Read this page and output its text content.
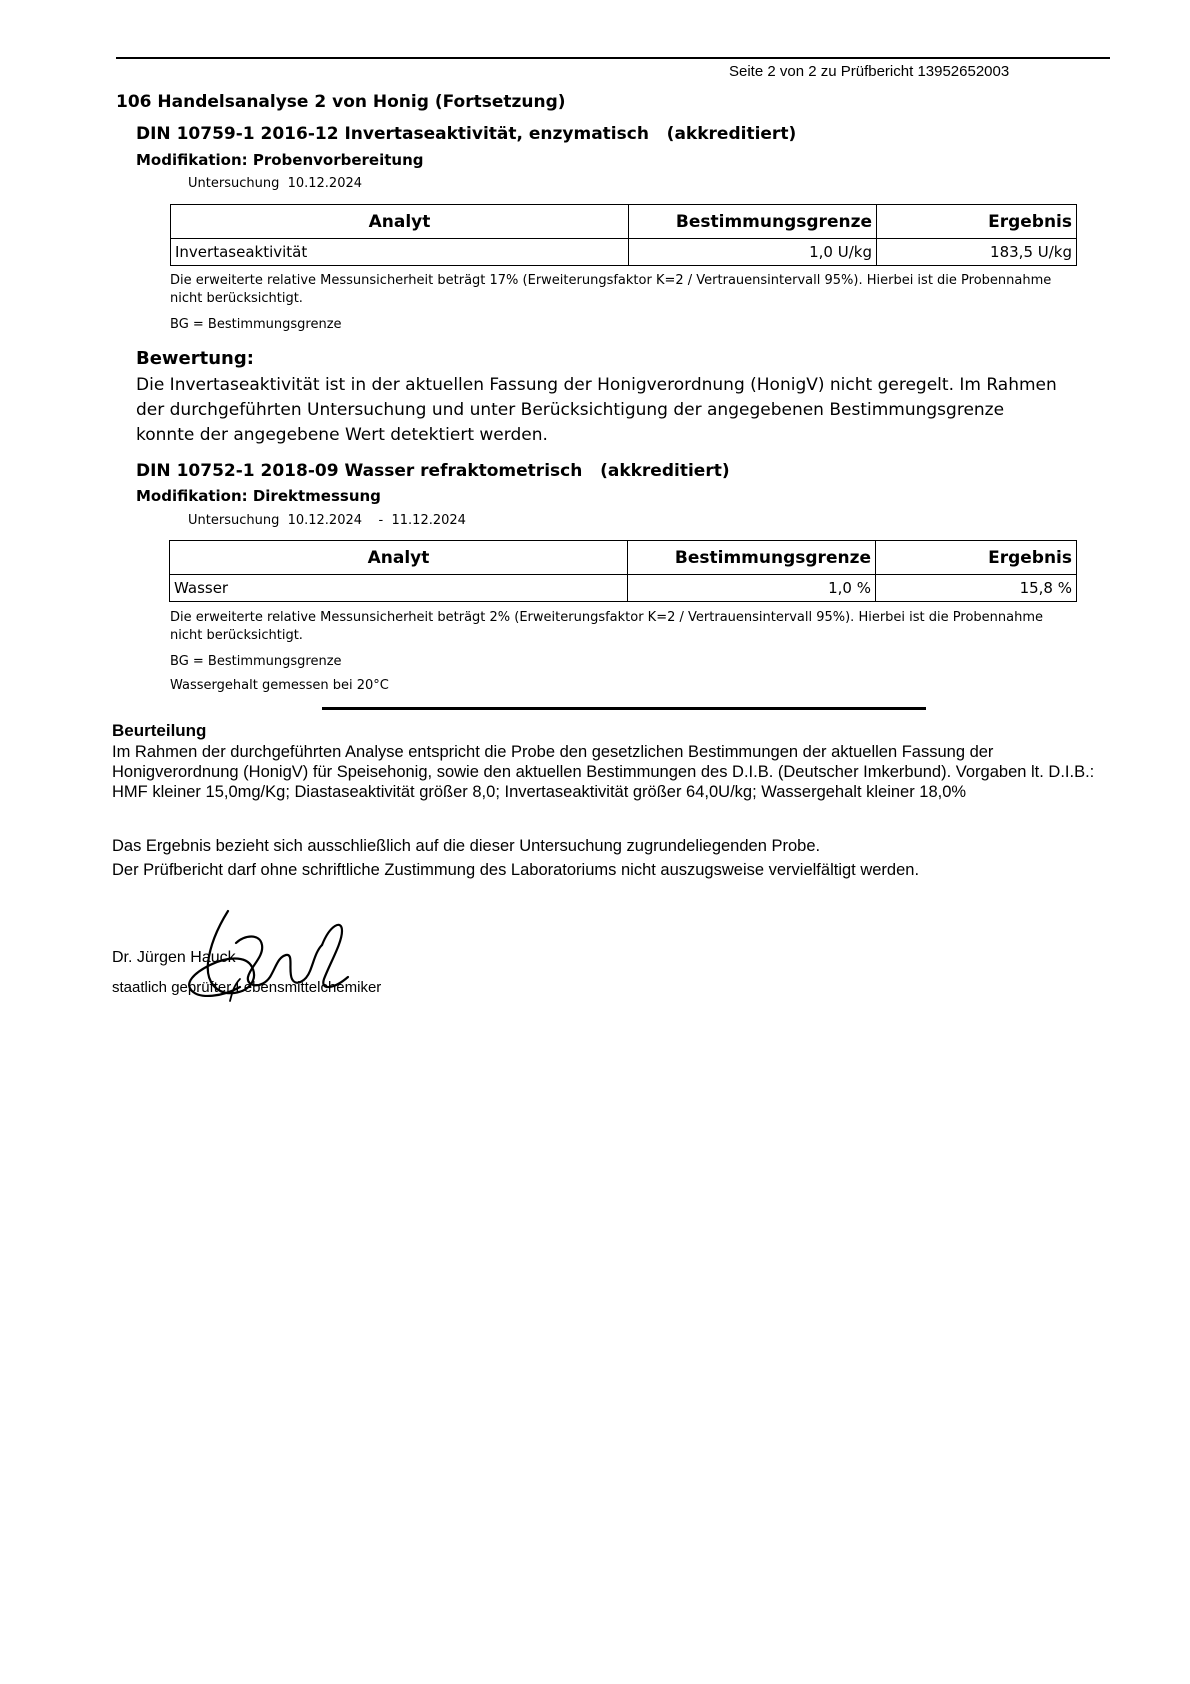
Seite 2 von 2 zu Prüfbericht 13952652003
106 Handelsanalyse 2 von Honig (Fortsetzung)
DIN 10759-1 2016-12 Invertaseaktivität, enzymatisch   (akkreditiert)
Modifikation: Probenvorbereitung
Untersuchung  10.12.2024
Analyt	Bestimmungsgrenze	Ergebnis
Invertaseaktivität	1,0 U/kg	183,5 U/kg
Die erweiterte relative Messunsicherheit beträgt 17% (Erweiterungsfaktor K=2 / Vertrauensintervall 95%). Hierbei ist die Probennahme nicht berücksichtigt.
BG = Bestimmungsgrenze
Bewertung:
Die Invertaseaktivität ist in der aktuellen Fassung der Honigverordnung (HonigV) nicht geregelt. Im Rahmen der durchgeführten Untersuchung und unter Berücksichtigung der angegebenen Bestimmungsgrenze konnte der angegebene Wert detektiert werden.
DIN 10752-1 2018-09 Wasser refraktometrisch   (akkreditiert)
Modifikation: Direktmessung
Untersuchung  10.12.2024    -  11.12.2024
Analyt	Bestimmungsgrenze	Ergebnis
Wasser	1,0 %	15,8 %
Die erweiterte relative Messunsicherheit beträgt 2% (Erweiterungsfaktor K=2 / Vertrauensintervall 95%). Hierbei ist die Probennahme nicht berücksichtigt.
BG = Bestimmungsgrenze
Wassergehalt gemessen bei 20°C
Beurteilung
Im Rahmen der durchgeführten Analyse entspricht die Probe den gesetzlichen Bestimmungen der aktuellen Fassung der Honigverordnung (HonigV) für Speisehonig, sowie den aktuellen Bestimmungen des D.I.B. (Deutscher Imkerbund). Vorgaben lt. D.I.B.: HMF kleiner 15,0mg/Kg; Diastaseaktivität größer 8,0; Invertaseaktivität größer 64,0U/kg; Wassergehalt kleiner 18,0%
Das Ergebnis bezieht sich ausschließlich auf die dieser Untersuchung zugrundeliegenden Probe.
Der Prüfbericht darf ohne schriftliche Zustimmung des Laboratoriums nicht auszugsweise vervielfältigt werden.
Dr. Jürgen Hauck
staatlich geprüfter Lebensmittelchemiker
